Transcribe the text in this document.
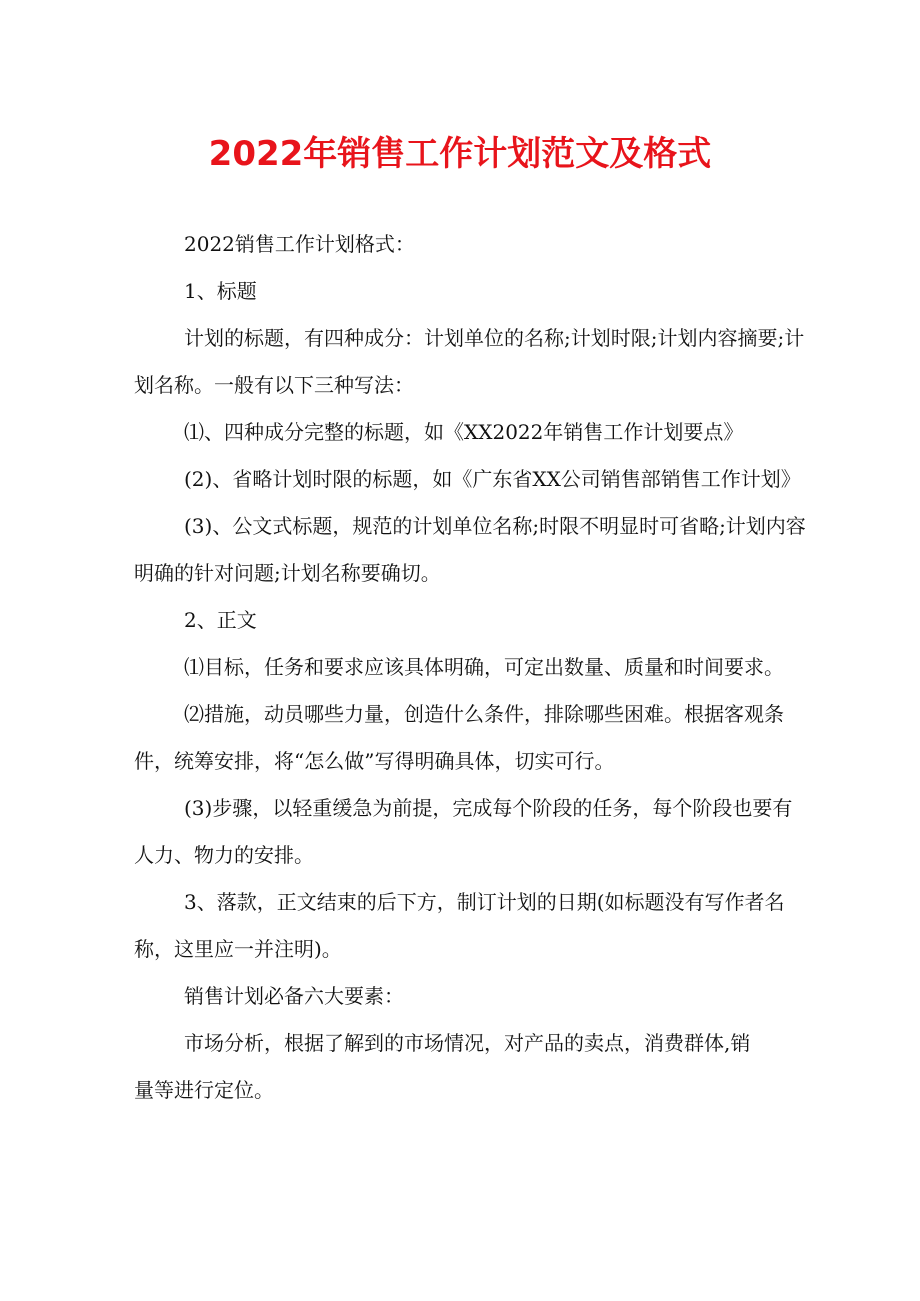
2022年销售工作计划范文及格式

2022销售工作计划格式：

1、标题

计划的标题，有四种成分：计划单位的名称;计划时限;计划内容摘要;计划名称。一般有以下三种写法：

⑴、四种成分完整的标题，如《XX2022年销售工作计划要点》

(2)、省略计划时限的标题，如《广东省XX公司销售部销售工作计划》

(3)、公文式标题，规范的计划单位名称;时限不明显时可省略;计划内容明确的针对问题;计划名称要确切。

2、正文

⑴目标，任务和要求应该具体明确，可定出数量、质量和时间要求。

⑵措施，动员哪些力量，创造什么条件，排除哪些困难。根据客观条件，统筹安排，将“怎么做”写得明确具体，切实可行。

(3)步骤，以轻重缓急为前提，完成每个阶段的任务，每个阶段也要有人力、物力的安排。

3、落款，正文结束的后下方，制订计划的日期(如标题没有写作者名称，这里应一并注明)。

销售计划必备六大要素：

市场分析，根据了解到的市场情况，对产品的卖点，消费群体,销量等进行定位。
